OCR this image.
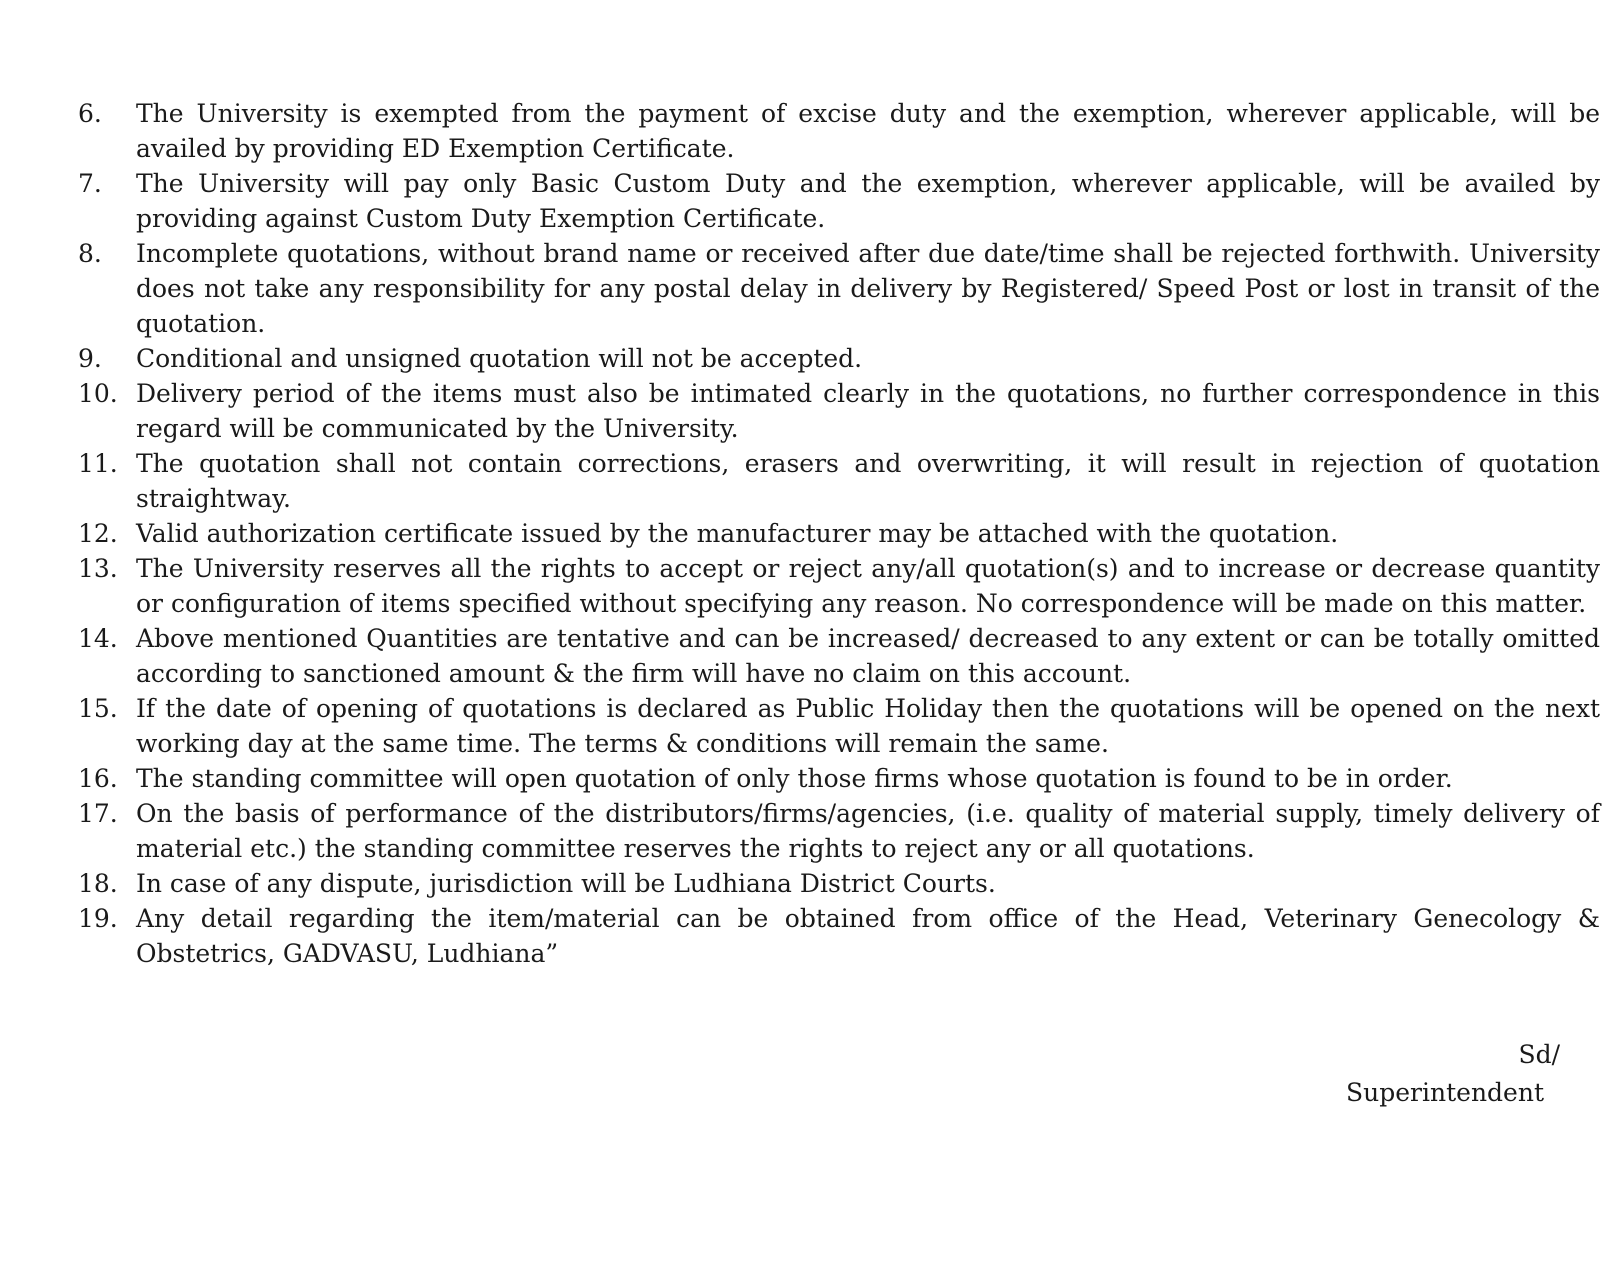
6.	The University is exempted from the payment of excise duty and the exemption, wherever applicable, will be availed by providing ED Exemption Certificate.
7.	The University will pay only Basic Custom Duty and the exemption, wherever applicable, will be availed by providing against Custom Duty Exemption Certificate.
8.	Incomplete quotations, without brand name or received after due date/time shall be rejected forthwith. University does not take any responsibility for any postal delay in delivery by Registered/ Speed Post or lost in transit of the quotation.
9.	Conditional and unsigned quotation will not be accepted.
10. Delivery period of the items must also be intimated clearly in the quotations, no further correspondence in this regard will be communicated by the University.
11. The quotation shall not contain corrections, erasers and overwriting, it will result in rejection of quotation straightway.
12. Valid authorization certificate issued by the manufacturer may be attached with the quotation.
13. The University reserves all the rights to accept or reject any/all quotation(s) and to increase or decrease quantity or configuration of items specified without specifying any reason. No correspondence will be made on this matter.
14. Above mentioned Quantities are tentative and can be increased/ decreased to any extent or can be totally omitted according to sanctioned amount & the firm will have no claim on this account.
15. If the date of opening of quotations is declared as Public Holiday then the quotations will be opened on the next working day at the same time. The terms & conditions will remain the same.
16. The standing committee will open quotation of only those firms whose quotation is found to be in order.
17. On the basis of performance of the distributors/firms/agencies, (i.e. quality of material supply, timely delivery of material etc.) the standing committee reserves the rights to reject any or all quotations.
18. In case of any dispute, jurisdiction will be Ludhiana District Courts.
19. Any detail regarding the item/material can be obtained from office of the Head, Veterinary Genecology & Obstetrics, GADVASU, Ludhiana”
Sd/
Superintendent
